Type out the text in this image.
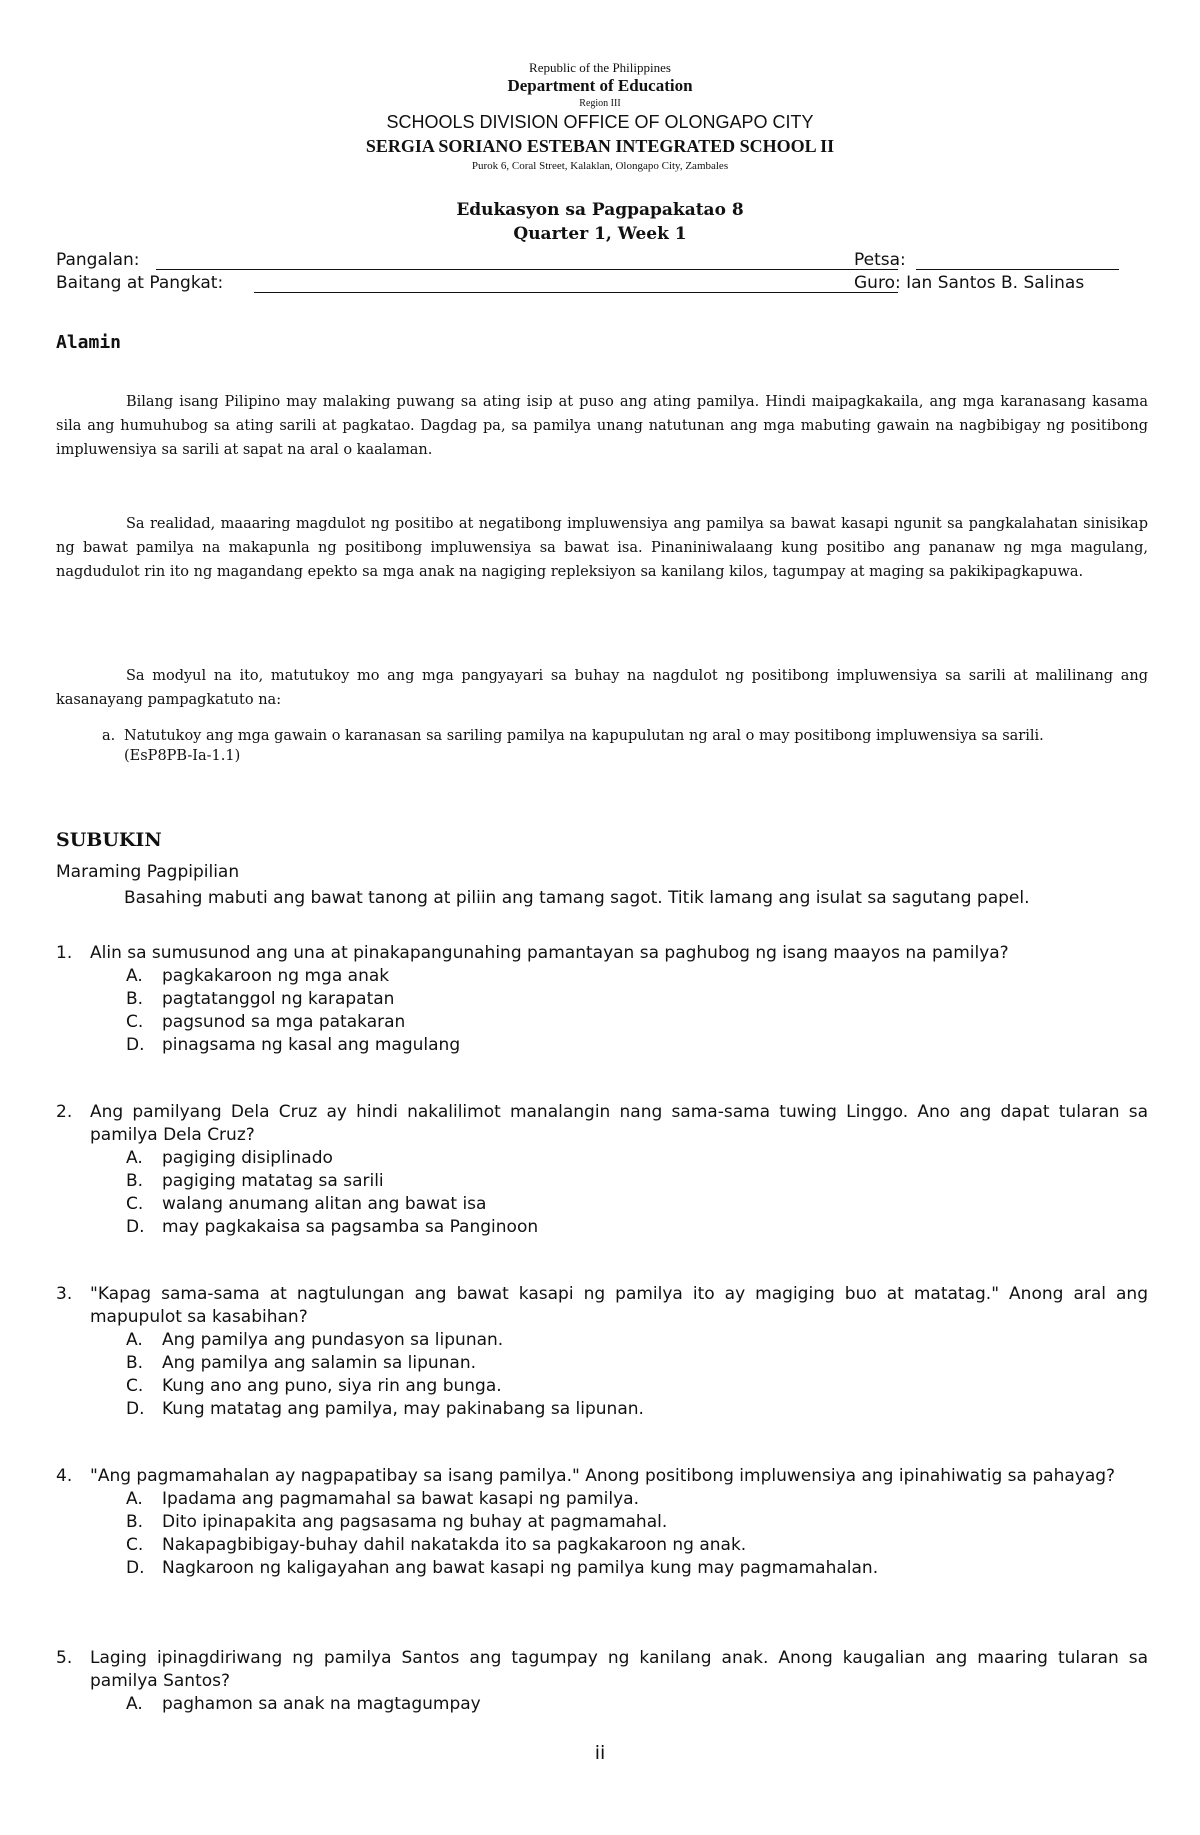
Republic of the Philippines
Department of Education
Region III
SCHOOLS DIVISION OFFICE OF OLONGAPO CITY
SERGIA SORIANO ESTEBAN INTEGRATED SCHOOL II
Purok 6, Coral Street, Kalaklan, Olongapo City, Zambales
Edukasyon sa Pagpapakatao 8
Quarter 1, Week 1
Pangalan:	Petsa:
Baitang at Pangkat:	Guro: Ian Santos B. Salinas
Alamin
Bilang isang Pilipino may malaking puwang sa ating isip at puso ang ating pamilya. Hindi maipagkakaila, ang mga karanasang kasama sila ang humuhubog sa ating sarili at pagkatao. Dagdag pa, sa pamilya unang natutunan ang mga mabuting gawain na nagbibigay ng positibong impluwensiya sa sarili at sapat na aral o kaalaman.
Sa realidad, maaaring magdulot ng positibo at negatibong impluwensiya ang pamilya sa bawat kasapi ngunit sa pangkalahatan sinisikap ng bawat pamilya na makapunla ng positibong impluwensiya sa bawat isa. Pinaniniwalaang kung positibo ang pananaw ng mga magulang, nagdudulot rin ito ng magandang epekto sa mga anak na nagiging repleksiyon sa kanilang kilos, tagumpay at maging sa pakikipagkapuwa.
Sa modyul na ito, matutukoy mo ang mga pangyayari sa buhay na nagdulot ng positibong impluwensiya sa sarili at malilinang ang kasanayang pampagkatuto na:
a. Natutukoy ang mga gawain o karanasan sa sariling pamilya na kapupulutan ng aral o may positibong impluwensiya sa sarili.
(EsP8PB-Ia-1.1)
SUBUKIN
Maraming Pagpipilian
Basahing mabuti ang bawat tanong at piliin ang tamang sagot. Titik lamang ang isulat sa sagutang papel.
1. Alin sa sumusunod ang una at pinakapangunahing pamantayan sa paghubog ng isang maayos na pamilya?
A. pagkakaroon ng mga anak
B. pagtatanggol ng karapatan
C. pagsunod sa mga patakaran
D. pinagsama ng kasal ang magulang
2. Ang pamilyang Dela Cruz ay hindi nakalilimot manalangin nang sama-sama tuwing Linggo. Ano ang dapat tularan sa pamilya Dela Cruz?
A. pagiging disiplinado
B. pagiging matatag sa sarili
C. walang anumang alitan ang bawat isa
D. may pagkakaisa sa pagsamba sa Panginoon
3. "Kapag sama-sama at nagtulungan ang bawat kasapi ng pamilya ito ay magiging buo at matatag." Anong aral ang mapupulot sa kasabihan?
A. Ang pamilya ang pundasyon sa lipunan.
B. Ang pamilya ang salamin sa lipunan.
C. Kung ano ang puno, siya rin ang bunga.
D. Kung matatag ang pamilya, may pakinabang sa lipunan.
4. "Ang pagmamahalan ay nagpapatibay sa isang pamilya." Anong positibong impluwensiya ang ipinahiwatig sa pahayag?
A. Ipadama ang pagmamahal sa bawat kasapi ng pamilya.
B. Dito ipinapakita ang pagsasama ng buhay at pagmamahal.
C. Nakapagbibigay-buhay dahil nakatakda ito sa pagkakaroon ng anak.
D. Nagkaroon ng kaligayahan ang bawat kasapi ng pamilya kung may pagmamahalan.
5. Laging ipinagdiriwang ng pamilya Santos ang tagumpay ng kanilang anak. Anong kaugalian ang maaring tularan sa pamilya Santos?
A. paghamon sa anak na magtagumpay
ii
